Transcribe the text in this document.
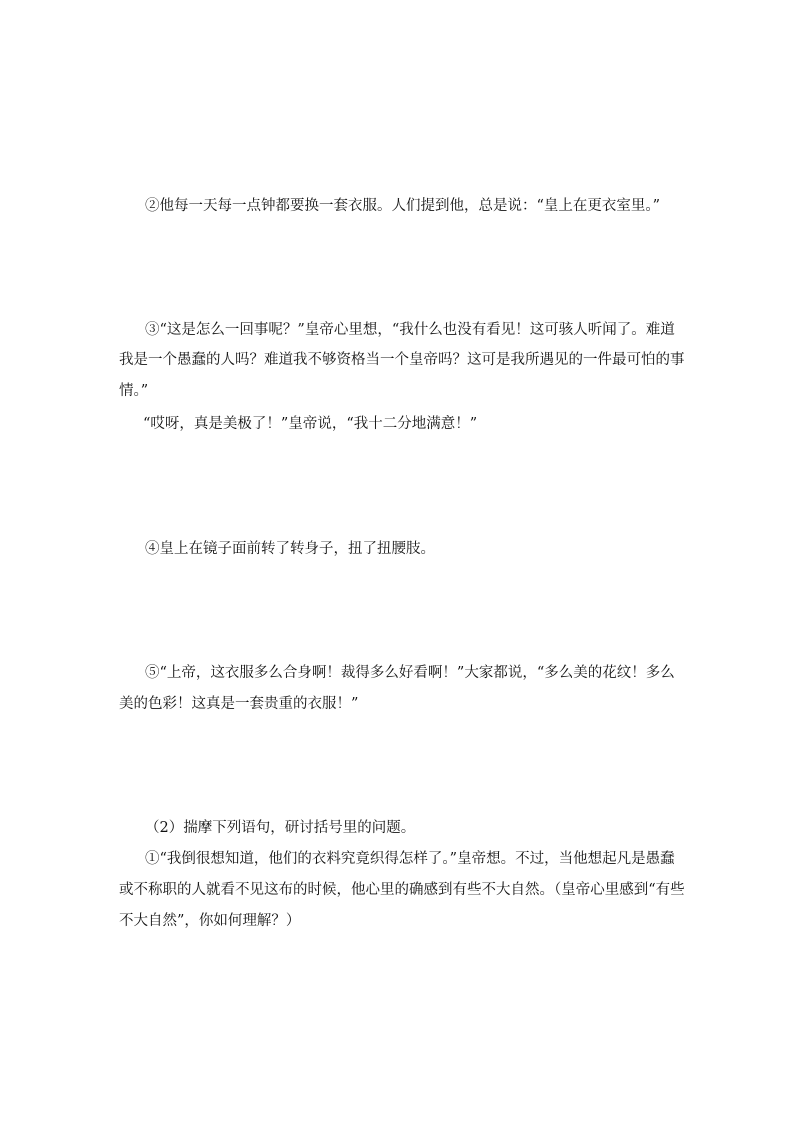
②他每一天每一点钟都要换一套衣服。人们提到他，总是说：“皇上在更衣室里。”
③“这是怎么一回事呢？”皇帝心里想，“我什么也没有看见！这可骇人听闻了。难道
我是一个愚蠢的人吗？难道我不够资格当一个皇帝吗？这可是我所遇见的一件最可怕的事
情。”
“哎呀，真是美极了！”皇帝说，“我十二分地满意！”
④皇上在镜子面前转了转身子，扭了扭腰肢。
⑤“上帝，这衣服多么合身啊！裁得多么好看啊！”大家都说，“多么美的花纹！多么
美的色彩！这真是一套贵重的衣服！”
（2）揣摩下列语句，研讨括号里的问题。
①“我倒很想知道，他们的衣料究竟织得怎样了。”皇帝想。不过，当他想起凡是愚蠢
或不称职的人就看不见这布的时候，他心里的确感到有些不大自然。（皇帝心里感到“有些
不大自然”，你如何理解？）
